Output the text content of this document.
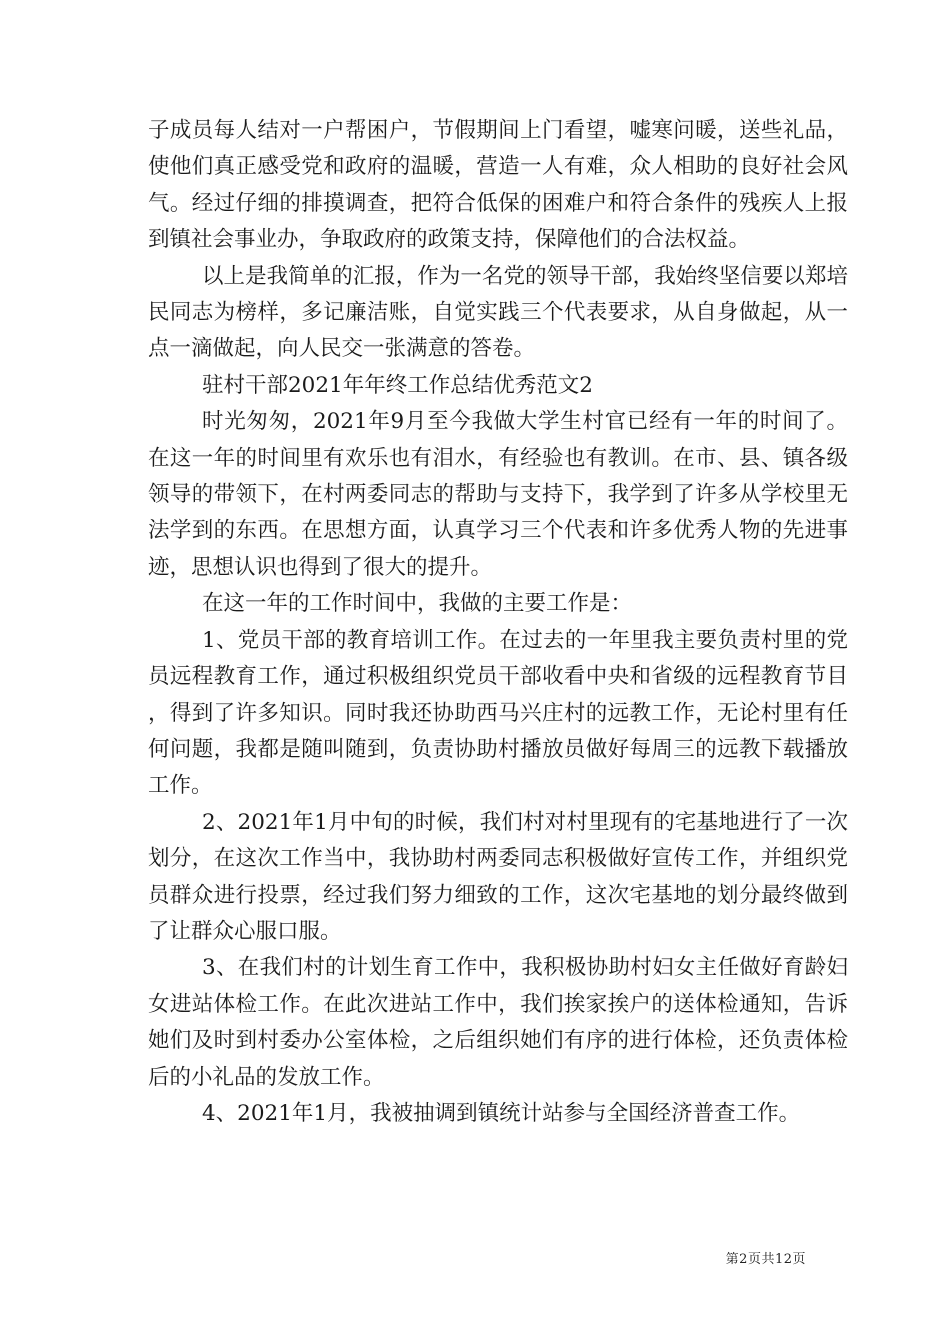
子成员每人结对一户帮困户，节假期间上门看望，嘘寒问暖，送些礼品，使他们真正感受党和政府的温暖，营造一人有难，众人相助的良好社会风气。经过仔细的排摸调查，把符合低保的困难户和符合条件的残疾人上报到镇社会事业办，争取政府的政策支持，保障他们的合法权益。

以上是我简单的汇报，作为一名党的领导干部，我始终坚信要以郑培民同志为榜样，多记廉洁账，自觉实践三个代表要求，从自身做起，从一点一滴做起，向人民交一张满意的答卷。

驻村干部2021年年终工作总结优秀范文2

时光匆匆，2021年9月至今我做大学生村官已经有一年的时间了。在这一年的时间里有欢乐也有泪水，有经验也有教训。在市、县、镇各级领导的带领下，在村两委同志的帮助与支持下，我学到了许多从学校里无法学到的东西。在思想方面，认真学习三个代表和许多优秀人物的先进事迹，思想认识也得到了很大的提升。

在这一年的工作时间中，我做的主要工作是：

1、党员干部的教育培训工作。在过去的一年里我主要负责村里的党员远程教育工作，通过积极组织党员干部收看中央和省级的远程教育节目，得到了许多知识。同时我还协助西马兴庄村的远教工作，无论村里有任何问题，我都是随叫随到，负责协助村播放员做好每周三的远教下载播放工作。

2、2021年1月中旬的时候，我们村对村里现有的宅基地进行了一次划分，在这次工作当中，我协助村两委同志积极做好宣传工作，并组织党员群众进行投票，经过我们努力细致的工作，这次宅基地的划分最终做到了让群众心服口服。

3、在我们村的计划生育工作中，我积极协助村妇女主任做好育龄妇女进站体检工作。在此次进站工作中，我们挨家挨户的送体检通知，告诉她们及时到村委办公室体检，之后组织她们有序的进行体检，还负责体检后的小礼品的发放工作。

4、2021年1月，我被抽调到镇统计站参与全国经济普查工作。

第2页共12页
